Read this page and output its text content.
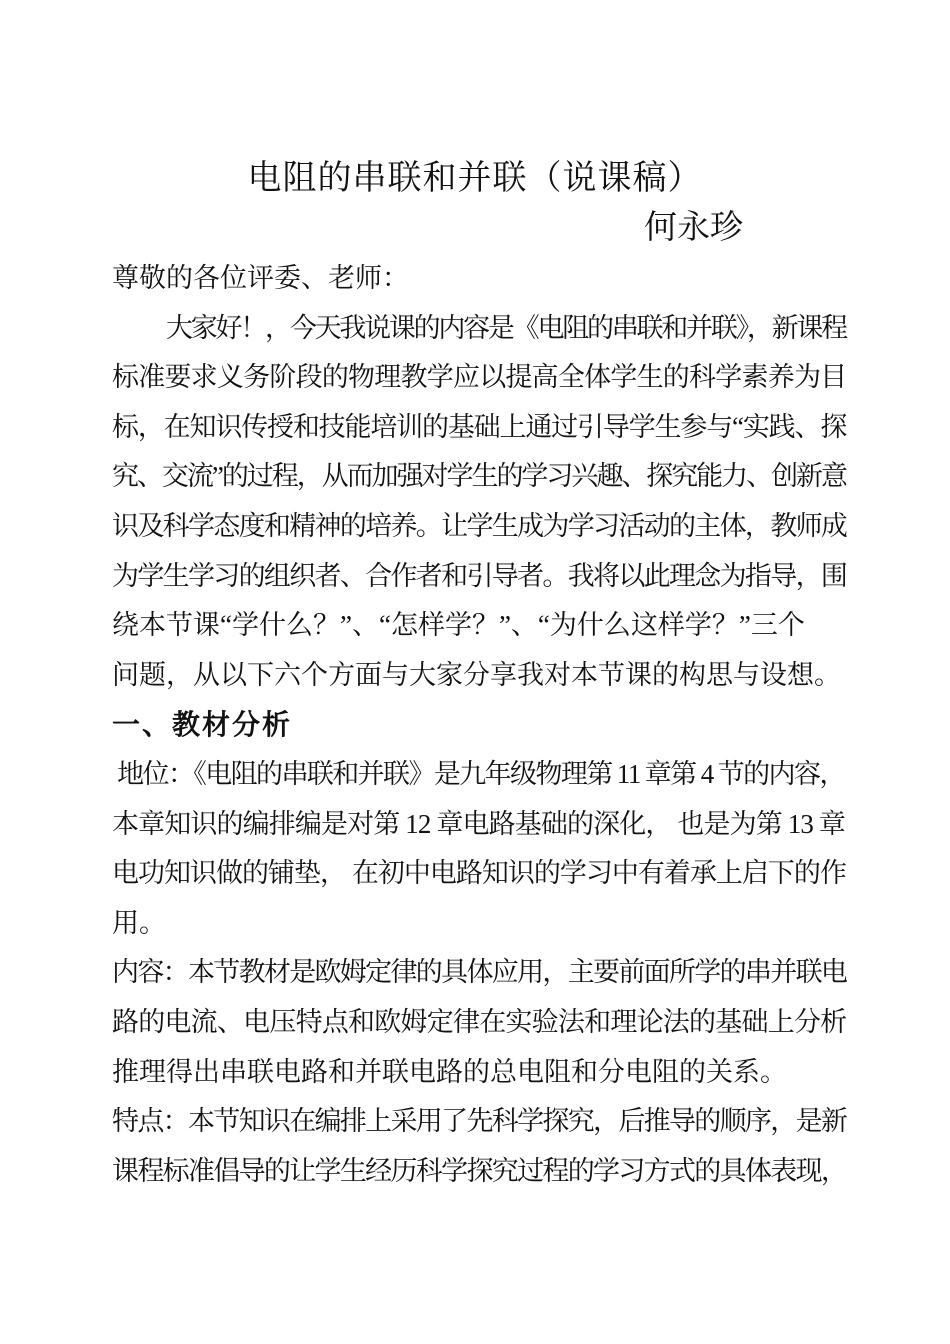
电阻的串联和并联（说课稿）
何永珍
尊敬的各位评委、老师：
大家好！，今天我说课的内容是《电阻的串联和并联》，新课程
标准要求义务阶段的物理教学应以提高全体学生的科学素养为目
标，在知识传授和技能培训的基础上通过引导学生参与“实践、探
究、交流”的过程，从而加强对学生的学习兴趣、探究能力、创新意
识及科学态度和精神的培养。让学生成为学习活动的主体，教师成
为学生学习的组织者、合作者和引导者。我将以此理念为指导，围
绕本节课“学什么？”、“怎样学？”、“为什么这样学？”三个
问题，从以下六个方面与大家分享我对本节课的构思与设想。
一、教材分析
地位：《电阻的串联和并联》是九年级物理第 11 章第 4 节的内容，
本章知识的编排编是对第 12 章电路基础的深化， 也是为第 13 章
电功知识做的铺垫， 在初中电路知识的学习中有着承上启下的作
用。
内容：本节教材是欧姆定律的具体应用，主要前面所学的串并联电
路的电流、电压特点和欧姆定律在实验法和理论法的基础上分析
推理得出串联电路和并联电路的总电阻和分电阻的关系。
特点：本节知识在编排上采用了先科学探究，后推导的顺序，是新
课程标准倡导的让学生经历科学探究过程的学习方式的具体表现，
